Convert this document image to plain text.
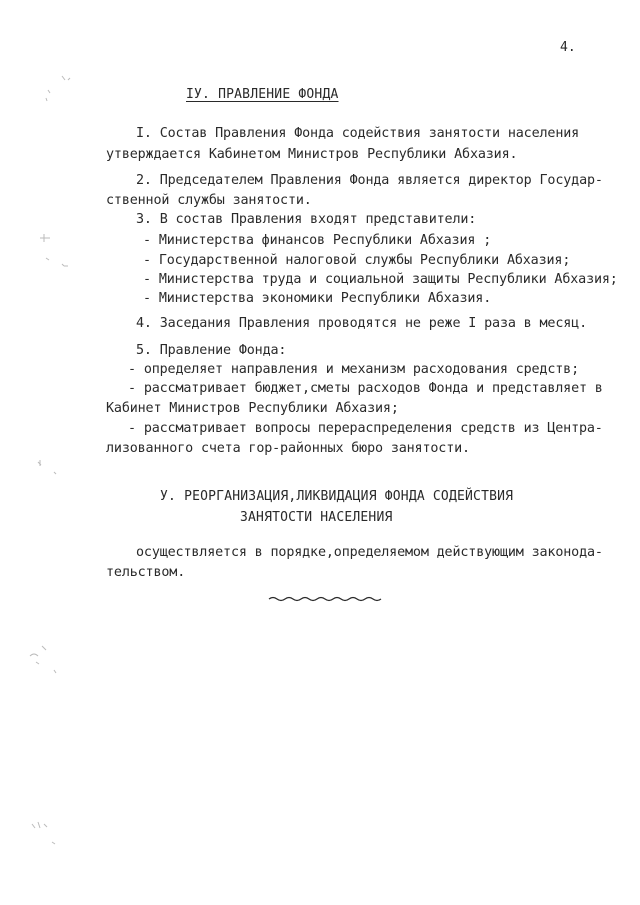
4.
IУ. ПРАВЛЕНИЕ ФОНДА
I. Состав Правления Фонда содействия занятости населения
утверждается Кабинетом Министров Республики Абхазия.
2. Председателем Правления Фонда является директор Государ-
ственной службы занятости.
3. В состав Правления входят представители:
- Министерства финансов Республики Абхазия ;
- Государственной налоговой службы Республики Абхазия;
- Министерства труда и социальной защиты Республики Абхазия;
- Министерства экономики Республики Абхазия.
4. Заседания Правления проводятся не реже I раза в месяц.
5. Правление Фонда:
- определяет направления и механизм расходования средств;
- рассматривает бюджет,сметы расходов Фонда и представляет в
Кабинет Министров Республики Абхазия;
- рассматривает вопросы перераспределения средств из Центра-
лизованного счета гор-районных бюро занятости.
У. РЕОРГАНИЗАЦИЯ,ЛИКВИДАЦИЯ ФОНДА СОДЕЙСТВИЯ
ЗАНЯТОСТИ НАСЕЛЕНИЯ
осуществляется в порядке,определяемом действующим законода-
тельством.
